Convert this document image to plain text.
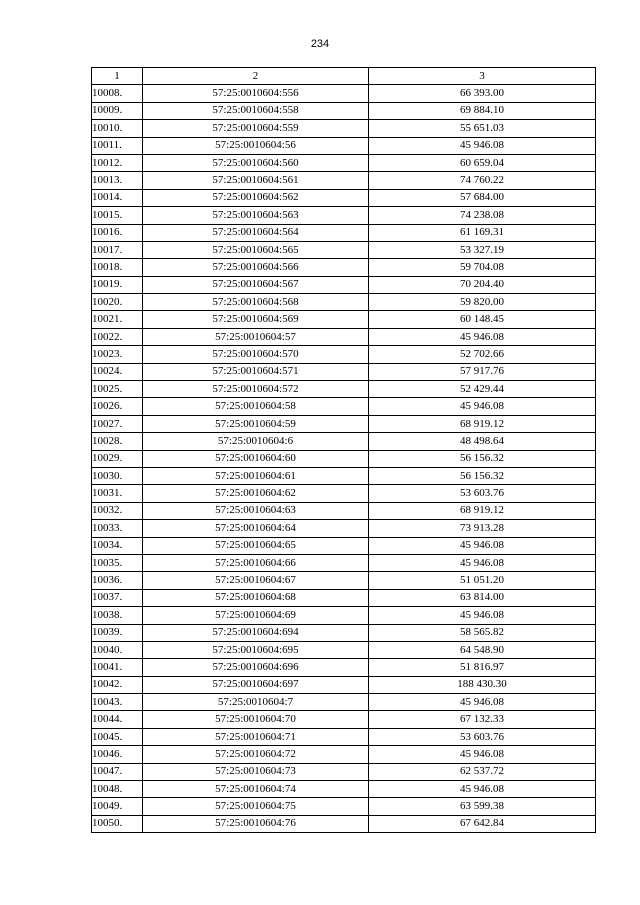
234
1	2	3
10008.	57:25:0010604:556	66 393.00
10009.	57:25:0010604:558	69 884.10
10010.	57:25:0010604:559	55 651.03
10011.	57:25:0010604:56	45 946.08
10012.	57:25:0010604:560	60 659.04
10013.	57:25:0010604:561	74 760.22
10014.	57:25:0010604:562	57 684.00
10015.	57:25:0010604:563	74 238.08
10016.	57:25:0010604:564	61 169.31
10017.	57:25:0010604:565	53 327.19
10018.	57:25:0010604:566	59 704.08
10019.	57:25:0010604:567	70 204.40
10020.	57:25:0010604:568	59 820.00
10021.	57:25:0010604:569	60 148.45
10022.	57:25:0010604:57	45 946.08
10023.	57:25:0010604:570	52 702.66
10024.	57:25:0010604:571	57 917.76
10025.	57:25:0010604:572	52 429.44
10026.	57:25:0010604:58	45 946.08
10027.	57:25:0010604:59	68 919.12
10028.	57:25:0010604:6	48 498.64
10029.	57:25:0010604:60	56 156.32
10030.	57:25:0010604:61	56 156.32
10031.	57:25:0010604:62	53 603.76
10032.	57:25:0010604:63	68 919.12
10033.	57:25:0010604:64	73 913.28
10034.	57:25:0010604:65	45 946.08
10035.	57:25:0010604:66	45 946.08
10036.	57:25:0010604:67	51 051.20
10037.	57:25:0010604:68	63 814.00
10038.	57:25:0010604:69	45 946.08
10039.	57:25:0010604:694	58 565.82
10040.	57:25:0010604:695	64 548.90
10041.	57:25:0010604:696	51 816.97
10042.	57:25:0010604:697	188 430.30
10043.	57:25:0010604:7	45 946.08
10044.	57:25:0010604:70	67 132.33
10045.	57:25:0010604:71	53 603.76
10046.	57:25:0010604:72	45 946.08
10047.	57:25:0010604:73	62 537.72
10048.	57:25:0010604:74	45 946.08
10049.	57:25:0010604:75	63 599.38
10050.	57:25:0010604:76	67 642.84
